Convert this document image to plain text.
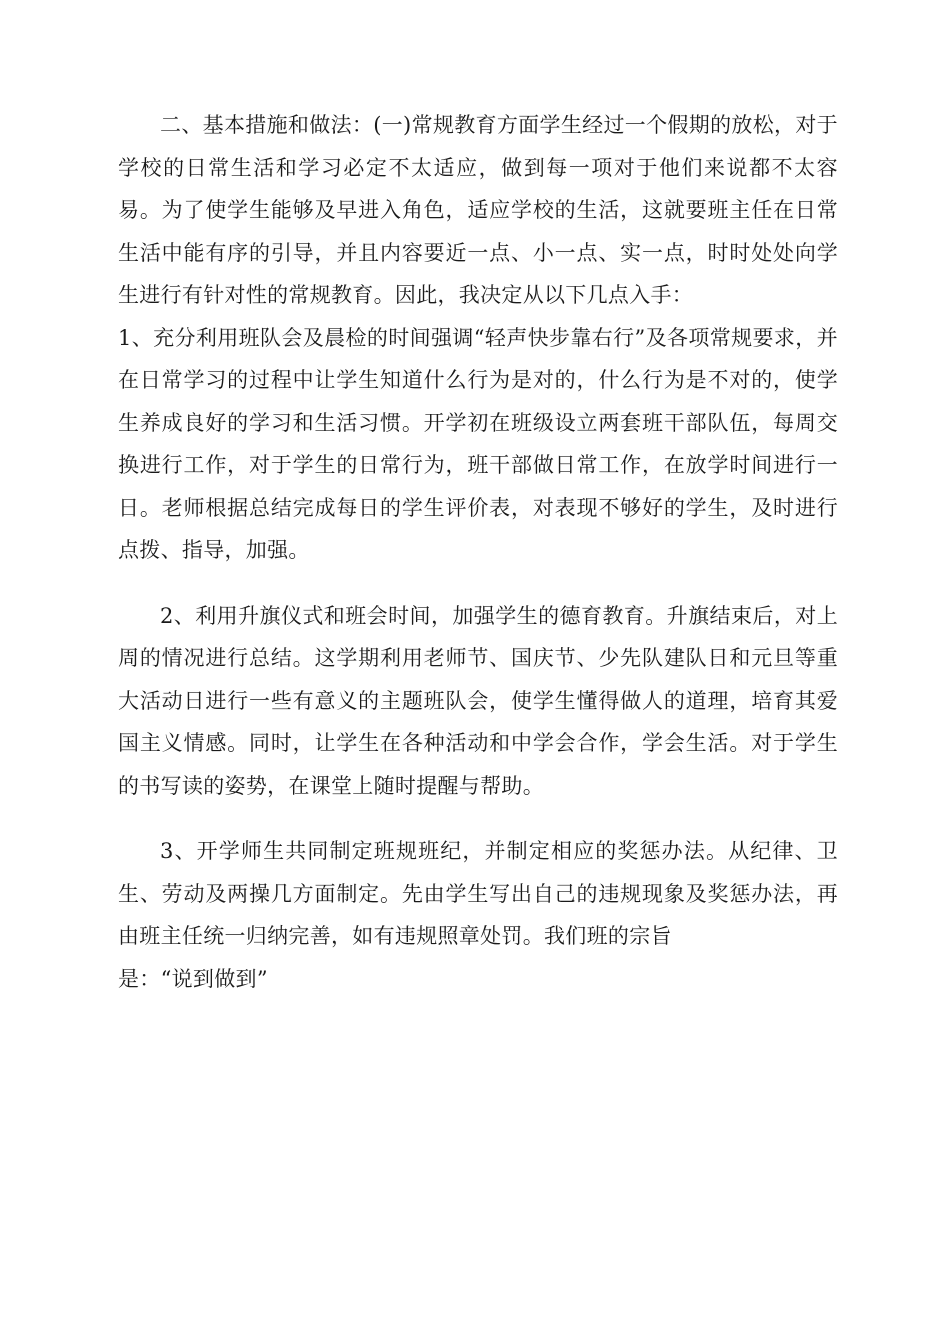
二、基本措施和做法：(一)常规教育方面学生经过一个假期的放松，对于学校的日常生活和学习必定不太适应，做到每一项对于他们来说都不太容易。为了使学生能够及早进入角色，适应学校的生活，这就要班主任在日常生活中能有序的引导，并且内容要近一点、小一点、实一点，时时处处向学生进行有针对性的常规教育。因此，我决定从以下几点入手：

1、充分利用班队会及晨检的时间强调“轻声快步靠右行”及各项常规要求，并在日常学习的过程中让学生知道什么行为是对的，什么行为是不对的，使学生养成良好的学习和生活习惯。开学初在班级设立两套班干部队伍，每周交换进行工作，对于学生的日常行为，班干部做日常工作，在放学时间进行一日。老师根据总结完成每日的学生评价表，对表现不够好的学生，及时进行点拨、指导，加强。

2、利用升旗仪式和班会时间，加强学生的德育教育。升旗结束后，对上周的情况进行总结。这学期利用老师节、国庆节、少先队建队日和元旦等重大活动日进行一些有意义的主题班队会，使学生懂得做人的道理，培育其爱国主义情感。同时，让学生在各种活动和中学会合作，学会生活。对于学生的书写读的姿势，在课堂上随时提醒与帮助。

3、开学师生共同制定班规班纪，并制定相应的奖惩办法。从纪律、卫生、劳动及两操几方面制定。先由学生写出自己的违规现象及奖惩办法，再由班主任统一归纳完善，如有违规照章处罚。我们班的宗旨

是：“说到做到”
